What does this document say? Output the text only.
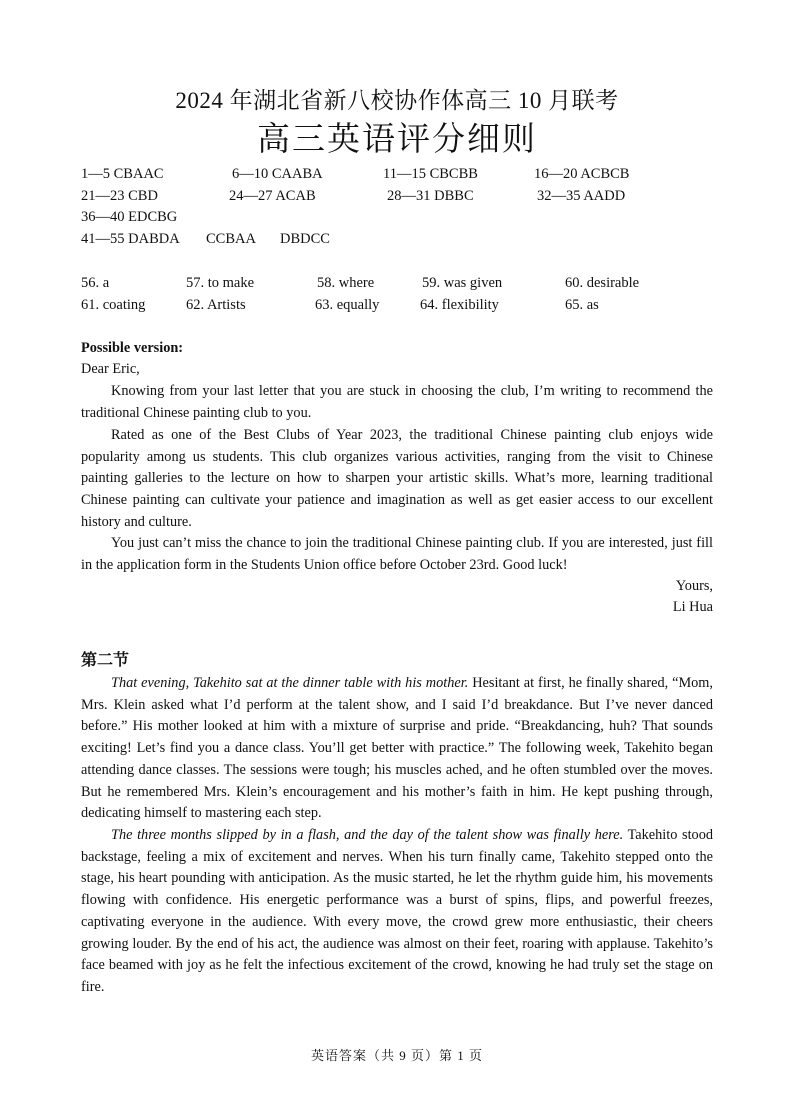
2024 年湖北省新八校协作体高三 10 月联考
高三英语评分细则
1—5 CBAAC	6—10 CAABA	11—15 CBCBB	16—20 ACBCB
21—23 CBD	24—27 ACAB	28—31 DBBC	32—35 AADD
36—40 EDCBG
41—55 DABDA CCBAA DBDCC
56. a	57. to make	58. where	59. was given	60. desirable
61. coating	62. Artists	63. equally	64. flexibility	65. as
Possible version:
Dear Eric,

Knowing from your last letter that you are stuck in choosing the club, I’m writing to recommend the traditional Chinese painting club to you.

Rated as one of the Best Clubs of Year 2023, the traditional Chinese painting club enjoys wide popularity among us students. This club organizes various activities, ranging from the visit to Chinese painting galleries to the lecture on how to sharpen your artistic skills. What’s more, learning traditional Chinese painting can cultivate your patience and imagination as well as get easier access to our excellent history and culture.

You just can’t miss the chance to join the traditional Chinese painting club. If you are interested, just fill in the application form in the Students Union office before October 23rd. Good luck!

Yours,
Li Hua
第二节

That evening, Takehito sat at the dinner table with his mother. Hesitant at first, he finally shared, “Mom, Mrs. Klein asked what I’d perform at the talent show, and I said I’d breakdance. But I’ve never danced before.” His mother looked at him with a mixture of surprise and pride. “Breakdancing, huh? That sounds exciting! Let’s find you a dance class. You’ll get better with practice.” The following week, Takehito began attending dance classes. The sessions were tough; his muscles ached, and he often stumbled over the moves. But he remembered Mrs. Klein’s encouragement and his mother’s faith in him. He kept pushing through, dedicating himself to mastering each step.

The three months slipped by in a flash, and the day of the talent show was finally here. Takehito stood backstage, feeling a mix of excitement and nerves. When his turn finally came, Takehito stepped onto the stage, his heart pounding with anticipation. As the music started, he let the rhythm guide him, his movements flowing with confidence. His energetic performance was a burst of spins, flips, and powerful freezes, captivating everyone in the audience. With every move, the crowd grew more enthusiastic, their cheers growing louder. By the end of his act, the audience was almost on their feet, roaring with applause. Takehito’s face beamed with joy as he felt the infectious excitement of the crowd, knowing he had truly set the stage on fire.

英语答案（共 9 页）第 1 页
